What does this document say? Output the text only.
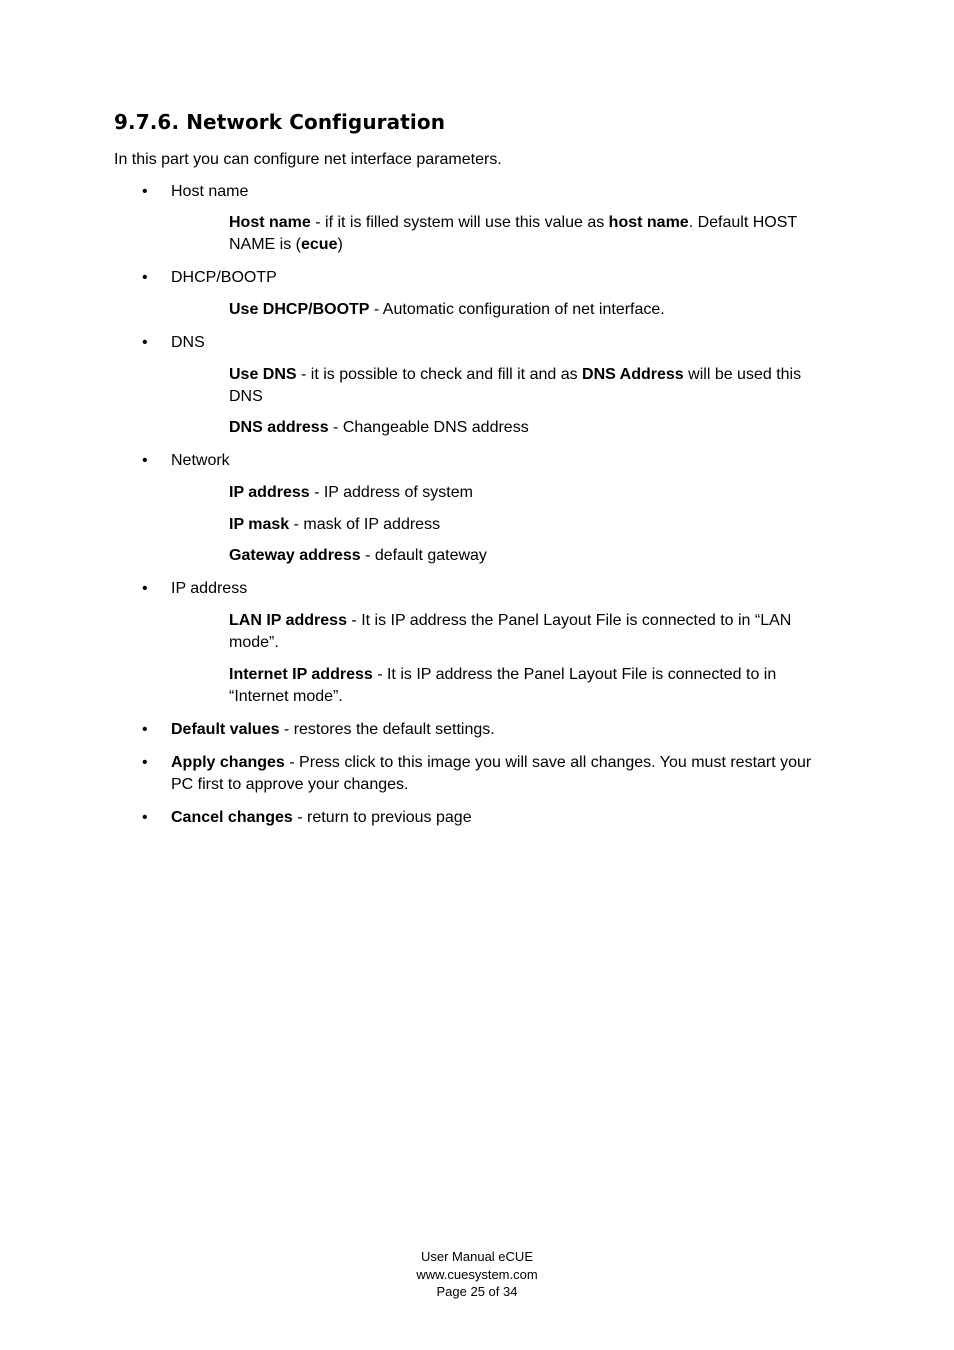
9.7.6. Network Configuration

In this part you can configure net interface parameters.

• Host name

Host name - if it is filled system will use this value as host name. Default HOST NAME is (ecue)

• DHCP/BOOTP

Use DHCP/BOOTP - Automatic configuration of net interface.

• DNS

Use DNS - it is possible to check and fill it and as DNS Address will be used this DNS

DNS address - Changeable DNS address

• Network

IP address - IP address of system

IP mask - mask of IP address

Gateway address - default gateway

• IP address

LAN IP address - It is IP address the Panel Layout File is connected to in “LAN mode”.

Internet IP address - It is IP address the Panel Layout File is connected to in “Internet mode”.

• Default values - restores the default settings.

• Apply changes - Press click to this image you will save all changes. You must restart your PC first to approve your changes.

• Cancel changes - return to previous page

User Manual eCUE
www.cuesystem.com
Page 25 of 34
